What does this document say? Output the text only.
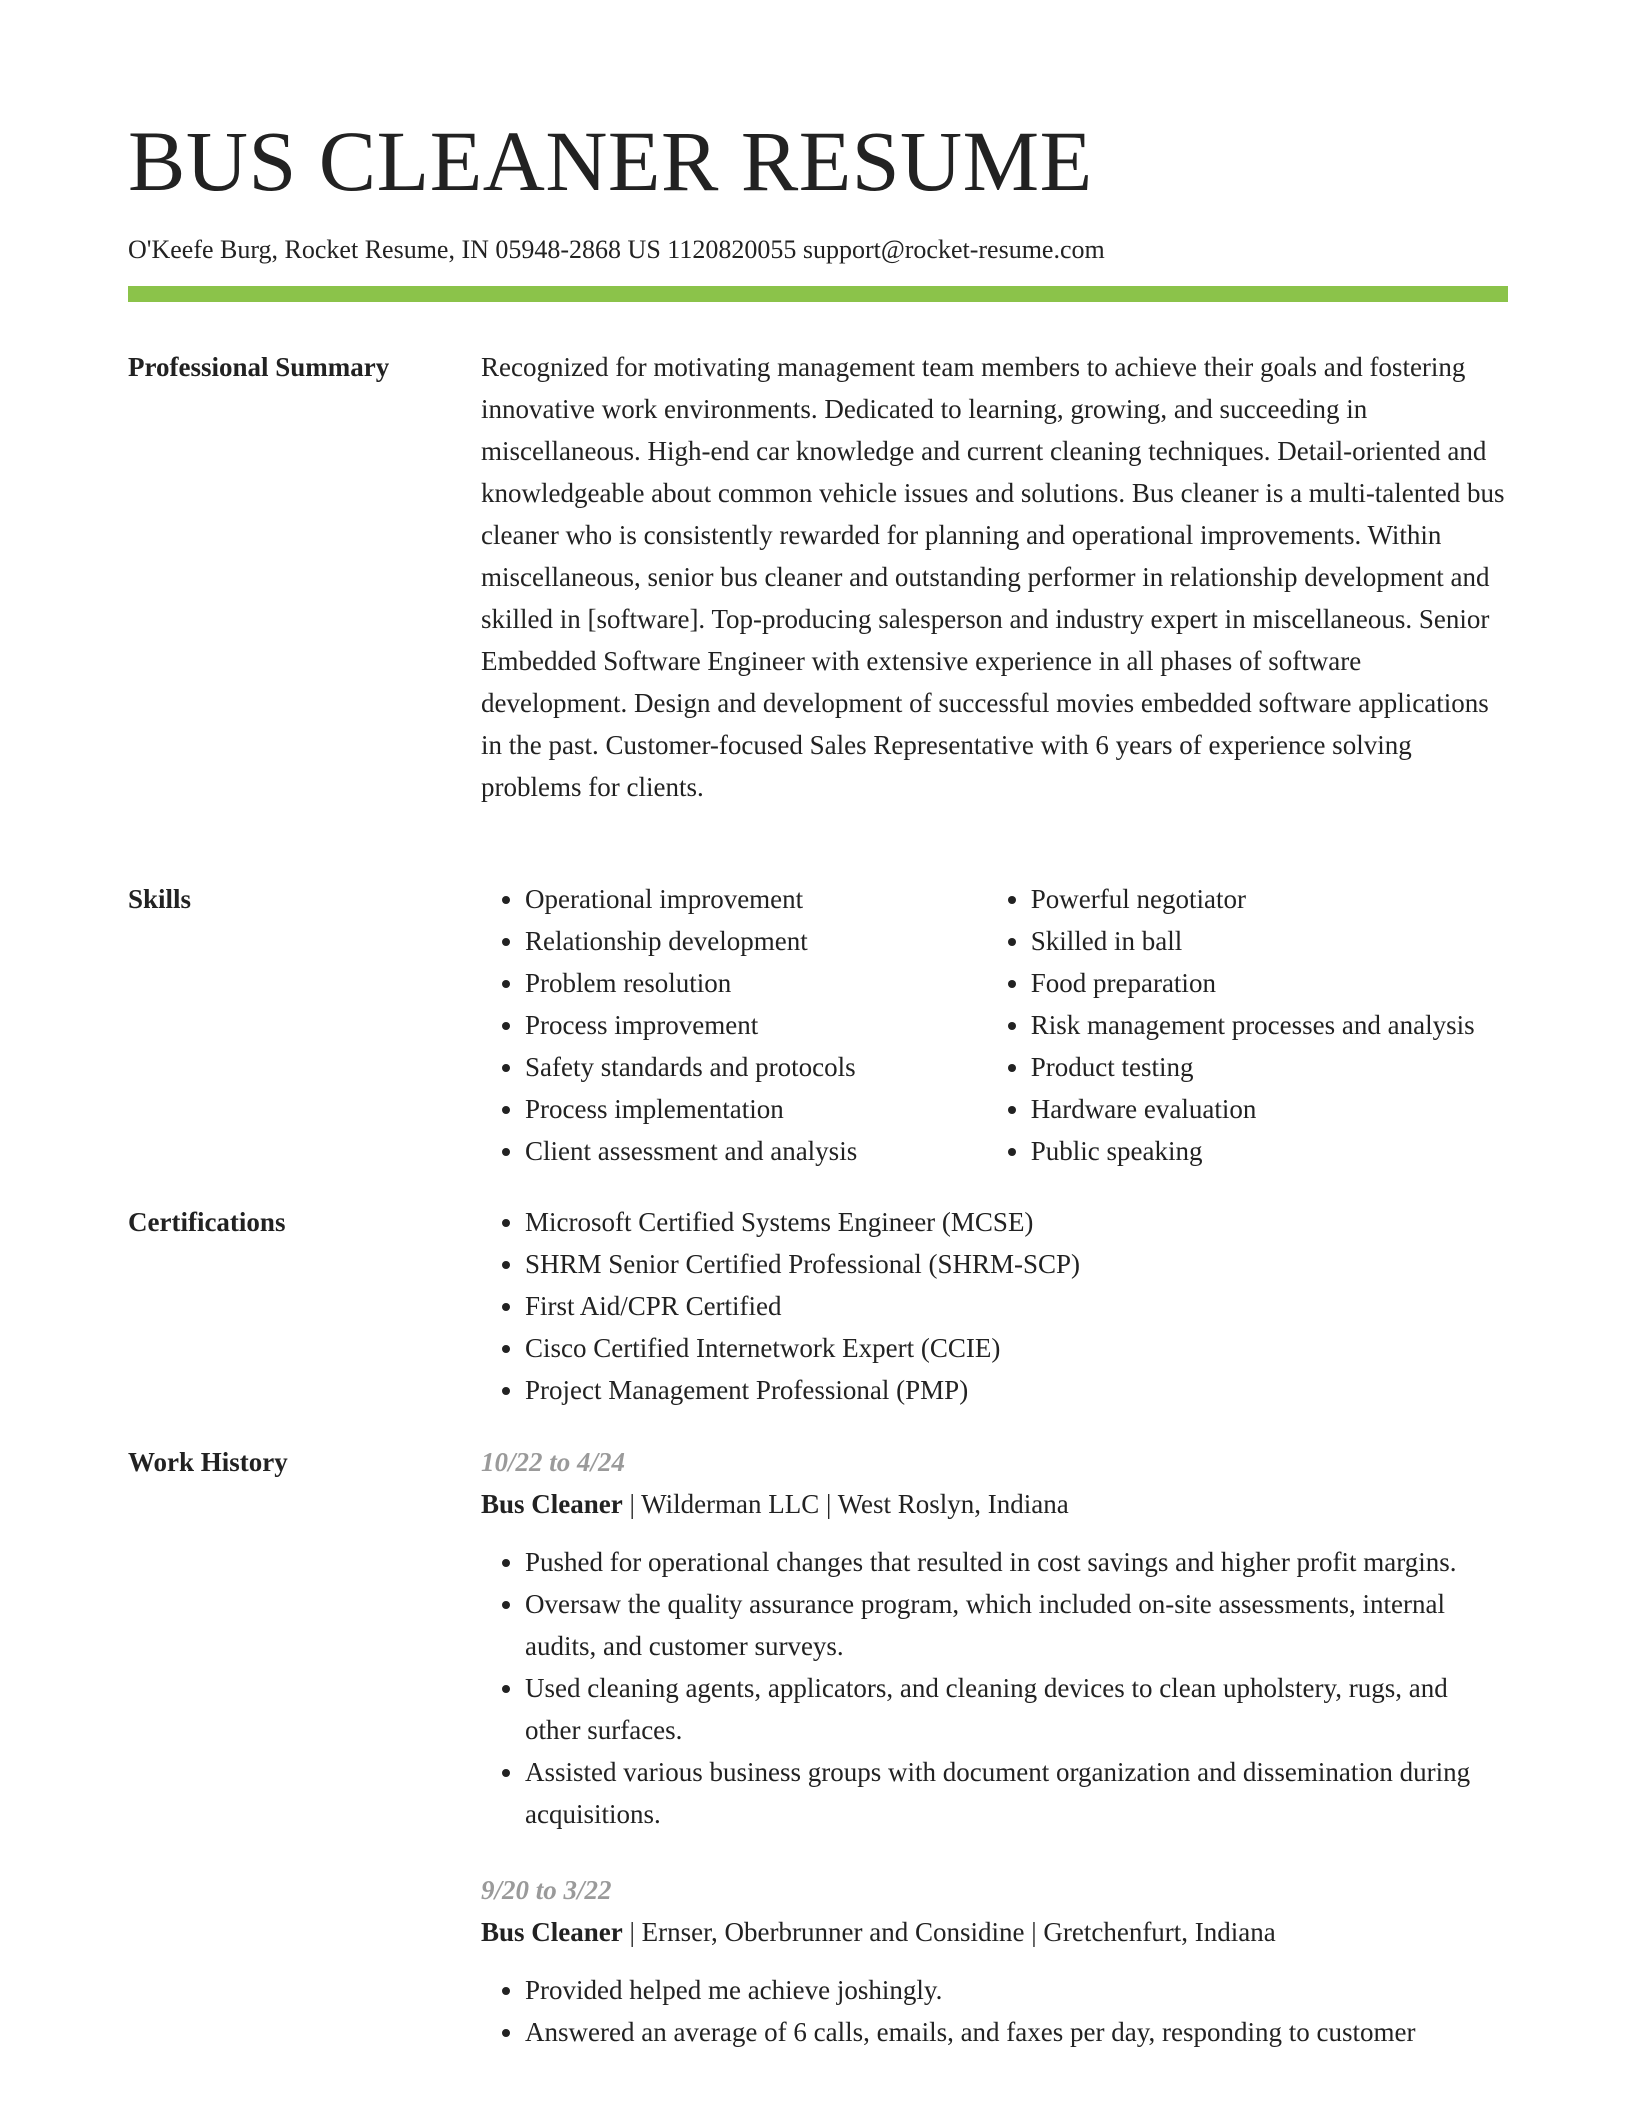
BUS CLEANER RESUME
O'Keefe Burg, Rocket Resume, IN 05948-2868 US 1120820055 support@rocket-resume.com
Professional Summary	Recognized for motivating management team members to achieve their goals and fostering innovative work environments. Dedicated to learning, growing, and succeeding in miscellaneous. High-end car knowledge and current cleaning techniques. Detail-oriented and knowledgeable about common vehicle issues and solutions. Bus cleaner is a multi-talented bus cleaner who is consistently rewarded for planning and operational improvements. Within miscellaneous, senior bus cleaner and outstanding performer in relationship development and skilled in [software]. Top-producing salesperson and industry expert in miscellaneous. Senior Embedded Software Engineer with extensive experience in all phases of software development. Design and development of successful movies embedded software applications in the past. Customer-focused Sales Representative with 6 years of experience solving problems for clients.

Skills	• Operational improvement
• Relationship development
• Problem resolution
• Process improvement
• Safety standards and protocols
• Process implementation
• Client assessment and analysis
• Powerful negotiator
• Skilled in ball
• Food preparation
• Risk management processes and analysis
• Product testing
• Hardware evaluation
• Public speaking
Certifications	• Microsoft Certified Systems Engineer (MCSE)
• SHRM Senior Certified Professional (SHRM-SCP)
• First Aid/CPR Certified
• Cisco Certified Internetwork Expert (CCIE)
• Project Management Professional (PMP)
Work History	10/22 to 4/24
Bus Cleaner | Wilderman LLC | West Roslyn, Indiana
• Pushed for operational changes that resulted in cost savings and higher profit margins.
• Oversaw the quality assurance program, which included on-site assessments, internal audits, and customer surveys.
• Used cleaning agents, applicators, and cleaning devices to clean upholstery, rugs, and other surfaces.
• Assisted various business groups with document organization and dissemination during acquisitions.
9/20 to 3/22
Bus Cleaner | Ernser, Oberbrunner and Considine | Gretchenfurt, Indiana
• Provided helped me achieve joshingly.
• Answered an average of 6 calls, emails, and faxes per day, responding to customer
